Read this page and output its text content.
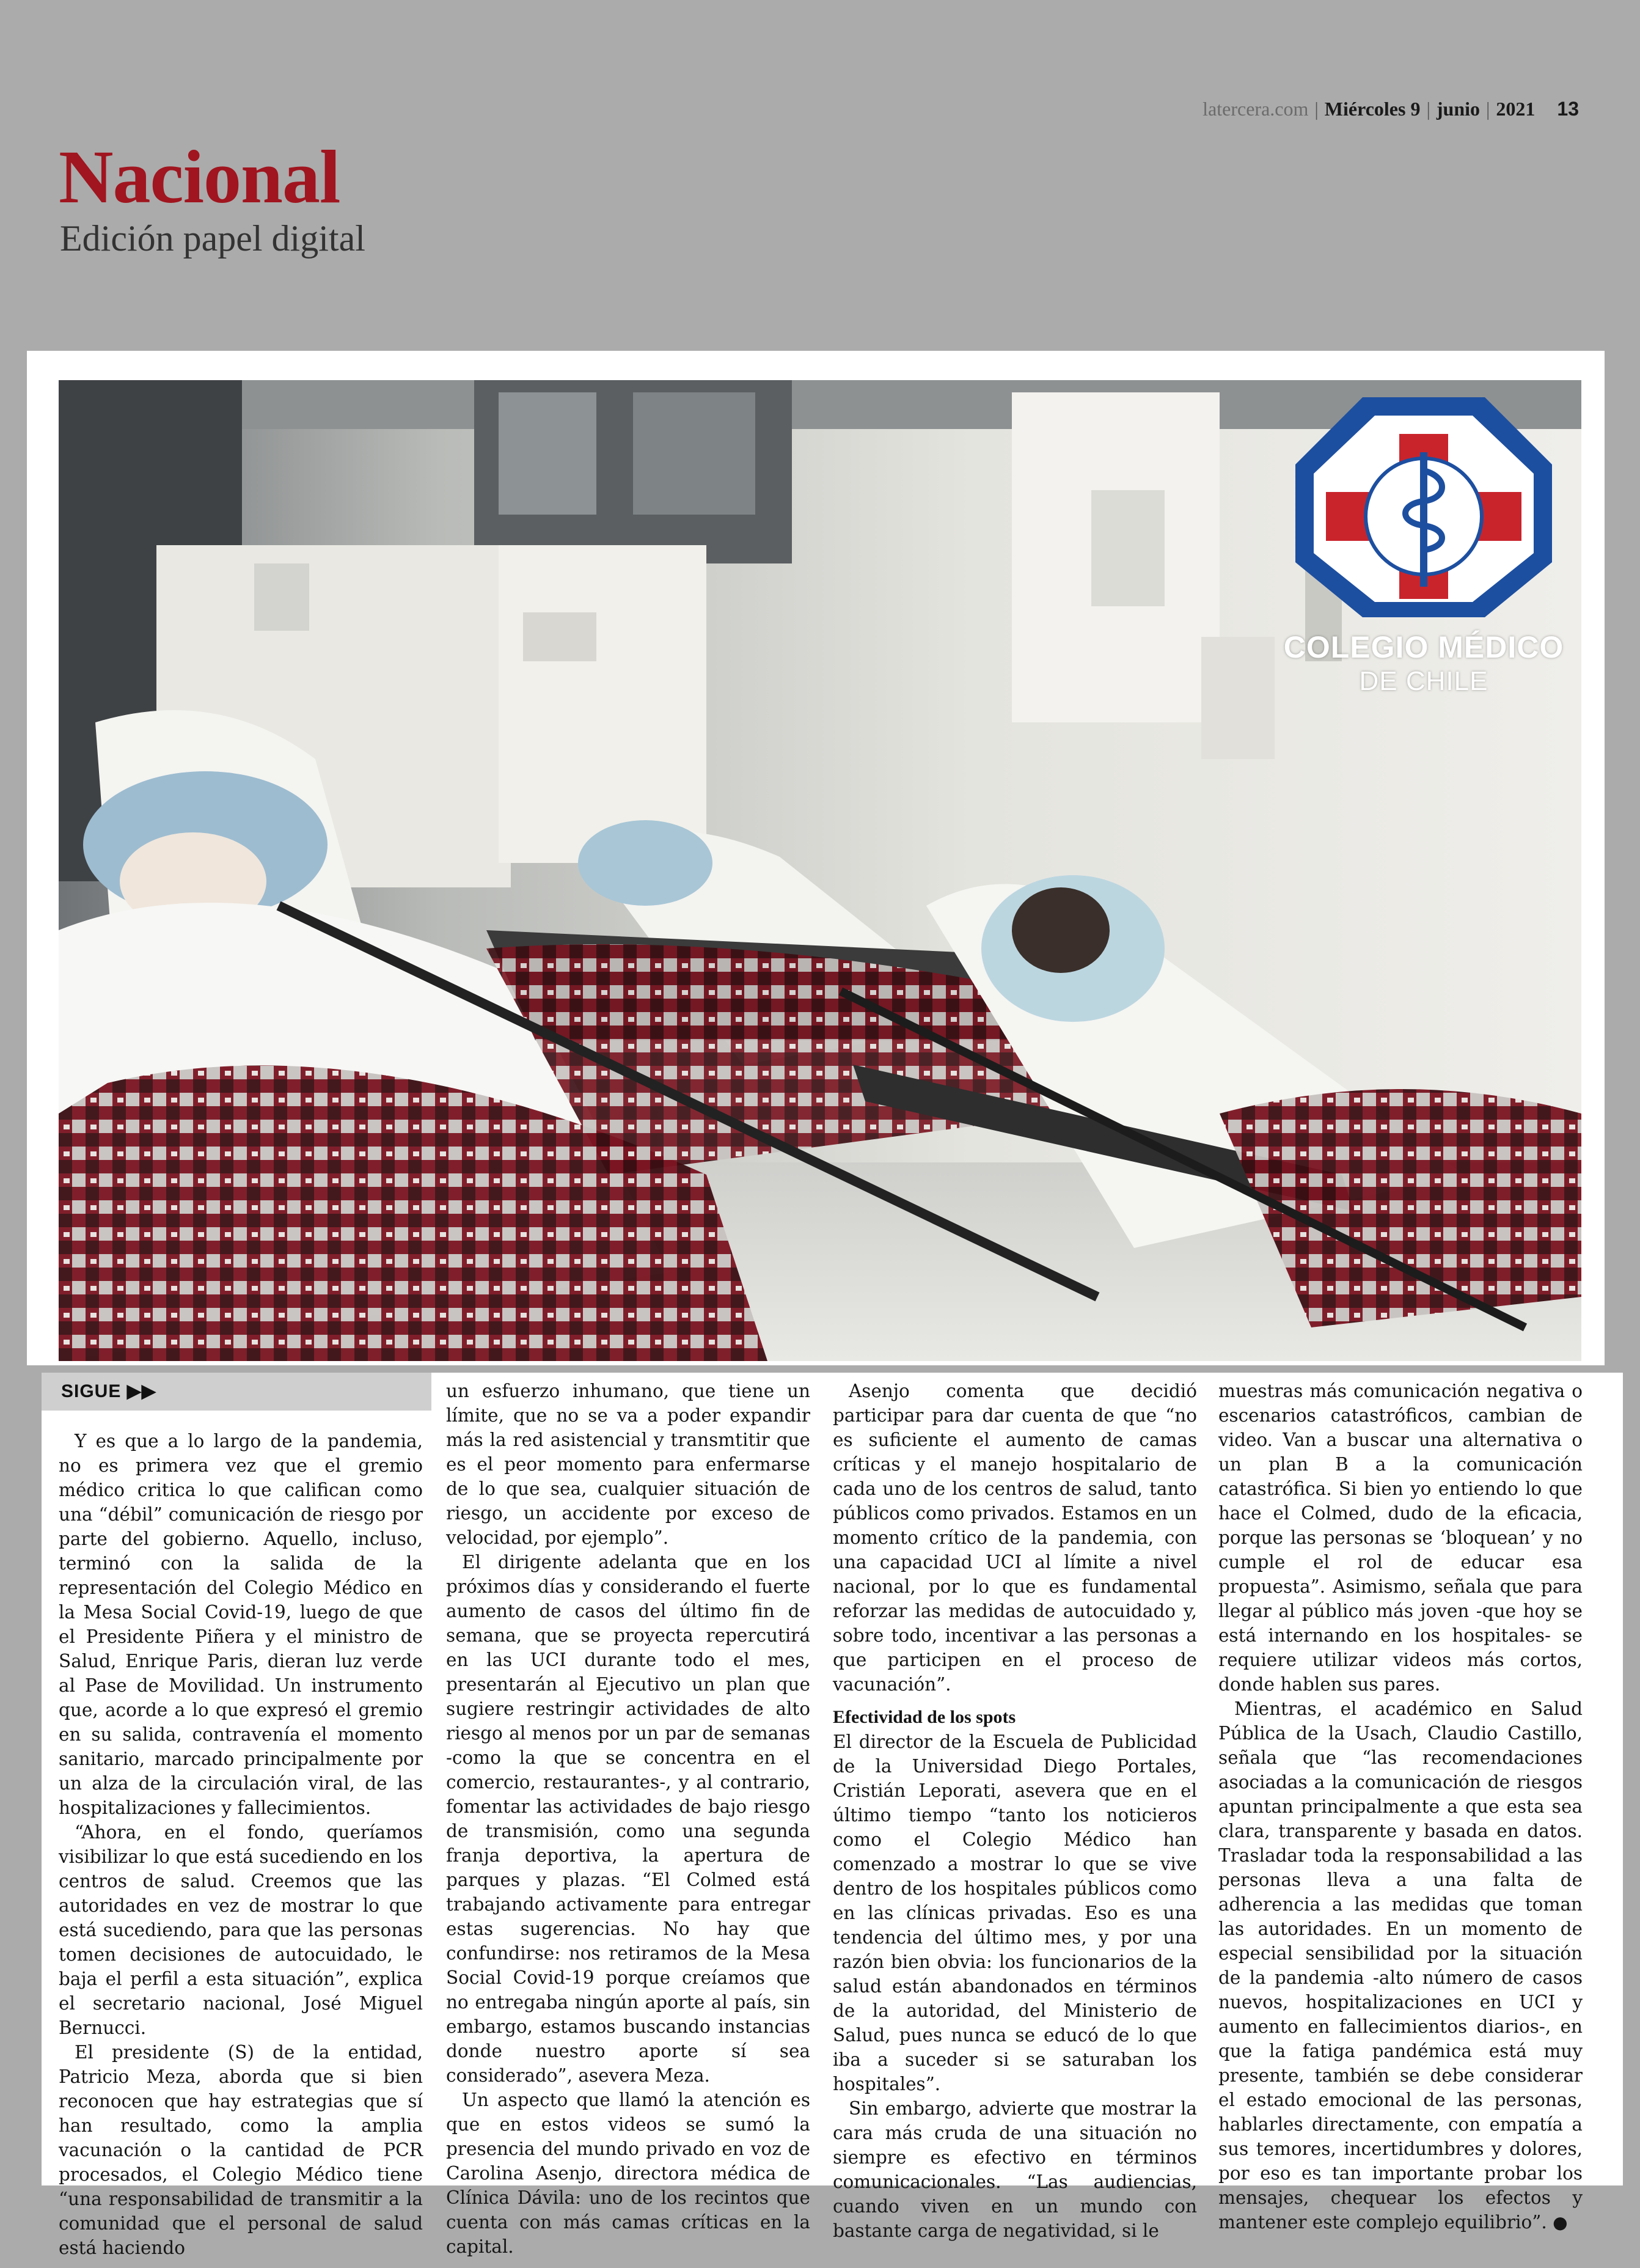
latercera.com | Miércoles 9 | junio | 2021 13
Nacional
Edición papel digital
COLEGIO MÉDICO
DE CHILE
SIGUE ▶▶

Y es que a lo largo de la pandemia, no es primera vez que el gremio médico critica lo que califican como una “débil” comunicación de riesgo por parte del gobierno. Aquello, incluso, terminó con la salida de la representación del Colegio Médico en la Mesa Social Covid-19, luego de que el Presidente Piñera y el ministro de Salud, Enrique Paris, dieran luz verde al Pase de Movilidad. Un instrumento que, acorde a lo que expresó el gremio en su salida, contravenía el momento sanitario, marcado principalmente por un alza de la circulación viral, de las hospitalizaciones y fallecimientos.

“Ahora, en el fondo, queríamos visibilizar lo que está sucediendo en los centros de salud. Creemos que las autoridades en vez de mostrar lo que está sucediendo, para que las personas tomen decisiones de autocuidado, le baja el perfil a esta situación”, explica el secretario nacional, José Miguel Bernucci.

El presidente (S) de la entidad, Patricio Meza, aborda que si bien reconocen que hay estrategias que sí han resultado, como la amplia vacunación o la cantidad de PCR procesados, el Colegio Médico tiene “una responsabilidad de transmitir a la comunidad que el personal de salud está haciendo

un esfuerzo inhumano, que tiene un límite, que no se va a poder expandir más la red asistencial y transmtitir que es el peor momento para enfermarse de lo que sea, cualquier situación de riesgo, un accidente por exceso de velocidad, por ejemplo”.

El dirigente adelanta que en los próximos días y considerando el fuerte aumento de casos del último fin de semana, que se proyecta repercutirá en las UCI durante todo el mes, presentarán al Ejecutivo un plan que sugiere restringir actividades de alto riesgo al menos por un par de semanas -como la que se concentra en el comercio, restaurantes-, y al contrario, fomentar las actividades de bajo riesgo de transmisión, como una segunda franja deportiva, la apertura de parques y plazas. “El Colmed está trabajando activamente para entregar estas sugerencias. No hay que confundirse: nos retiramos de la Mesa Social Covid-19 porque creíamos que no entregaba ningún aporte al país, sin embargo, estamos buscando instancias donde nuestro aporte sí sea considerado”, asevera Meza.

Un aspecto que llamó la atención es que en estos videos se sumó la presencia del mundo privado en voz de Carolina Asenjo, directora médica de Clínica Dávila: uno de los recintos que cuenta con más camas críticas en la capital.

Asenjo comenta que decidió participar para dar cuenta de que “no es suficiente el aumento de camas críticas y el manejo hospitalario de cada uno de los centros de salud, tanto públicos como privados. Estamos en un momento crítico de la pandemia, con una capacidad UCI al límite a nivel nacional, por lo que es fundamental reforzar las medidas de autocuidado y, sobre todo, incentivar a las personas a que participen en el proceso de vacunación”.

Efectividad de los spots

El director de la Escuela de Publicidad de la Universidad Diego Portales, Cristián Leporati, asevera que en el último tiempo “tanto los noticieros como el Colegio Médico han comenzado a mostrar lo que se vive dentro de los hospitales públicos como en las clínicas privadas. Eso es una tendencia del último mes, y por una razón bien obvia: los funcionarios de la salud están abandonados en términos de la autoridad, del Ministerio de Salud, pues nunca se educó de lo que iba a suceder si se saturaban los hospitales”.

Sin embargo, advierte que mostrar la cara más cruda de una situación no siempre es efectivo en términos comunicacionales. “Las audiencias, cuando viven en un mundo con bastante carga de negatividad, si le

muestras más comunicación negativa o escenarios catastróficos, cambian de video. Van a buscar una alternativa o un plan B a la comunicación catastrófica. Si bien yo entiendo lo que hace el Colmed, dudo de la eficacia, porque las personas se ‘bloquean’ y no cumple el rol de educar esa propuesta”. Asimismo, señala que para llegar al público más joven -que hoy se está internando en los hospitales- se requiere utilizar videos más cortos, donde hablen sus pares.

Mientras, el académico en Salud Pública de la Usach, Claudio Castillo, señala que “las recomendaciones asociadas a la comunicación de riesgos apuntan principalmente a que esta sea clara, transparente y basada en datos. Trasladar toda la responsabilidad a las personas lleva a una falta de adherencia a las medidas que toman las autoridades. En un momento de especial sensibilidad por la situación de la pandemia -alto número de casos nuevos, hospitalizaciones en UCI y aumento en fallecimientos diarios-, en que la fatiga pandémica está muy presente, también se debe considerar el estado emocional de las personas, hablarles directamente, con empatía a sus temores, incertidumbres y dolores, por eso es tan importante probar los mensajes, chequear los efectos y mantener este complejo equilibrio”. ●
